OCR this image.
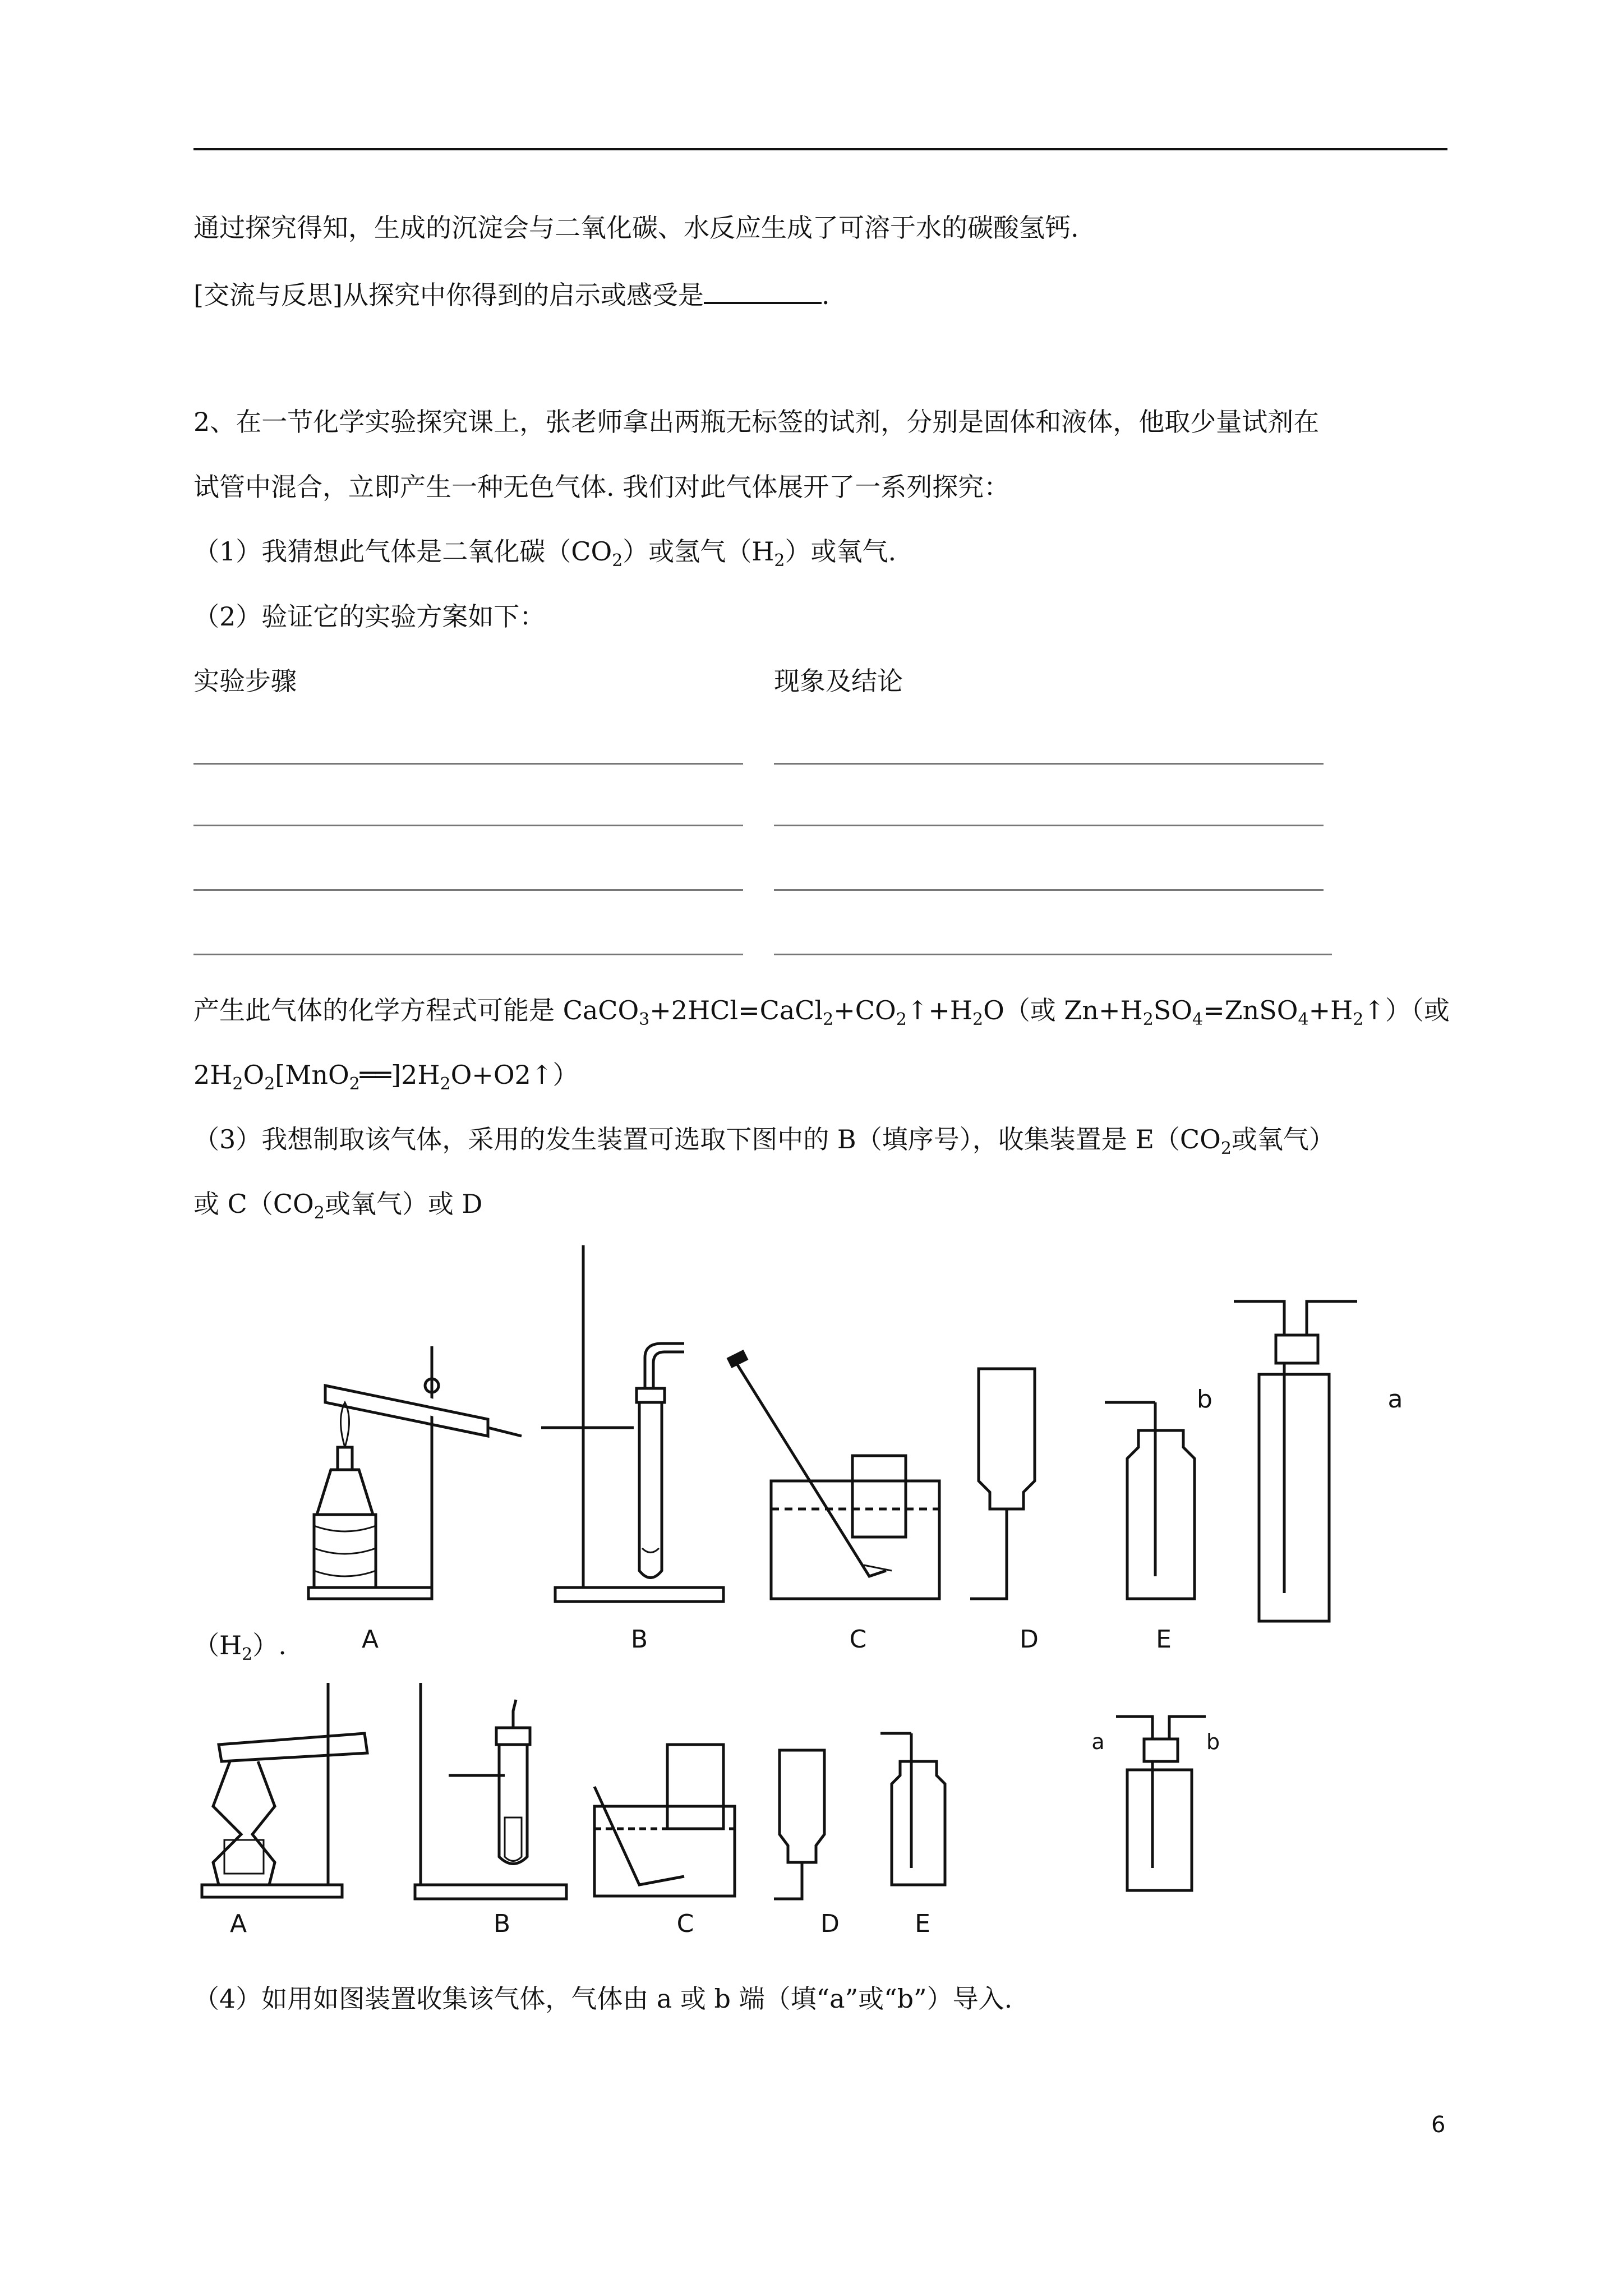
通过探究得知，生成的沉淀会与二氧化碳、水反应生成了可溶于水的碳酸氢钙.
[交流与反思]从探究中你得到的启示或感受是	.
2、在一节化学实验探究课上，张老师拿出两瓶无标签的试剂，分别是固体和液体，他取少量试剂在
试管中混合，立即产生一种无色气体. 我们对此气体展开了一系列探究：
（1）我猜想此气体是二氧化碳$(CO_2)$或氢气$(H_2)$或氧气.
（2）验证它的实验方案如下：
实验步骤	现象及结论
产生此气体的化学方程式可能是 $CaCO_3+2HCl=CaCl_2+CO_2↑+H_2O$（或 $Zn+H_2SO_4=ZnSO_4+H_2↑$）（或
$2H_2O_2[MnO_2══]2H_2O+O2↑$）
（3）我想制取该气体，采用的发生装置可选取下图中的 B（填序号），收集装置是 $E(CO_2$或氧气）
或 $C(CO_2$或氧气）或 D
a
b
$(H_2)$.	A	B	C	D	E
a	b
A	B	C	D	E
（4）如用如图装置收集该气体，气体由 a 或 b 端（填“a”或“b”）导入.
6
